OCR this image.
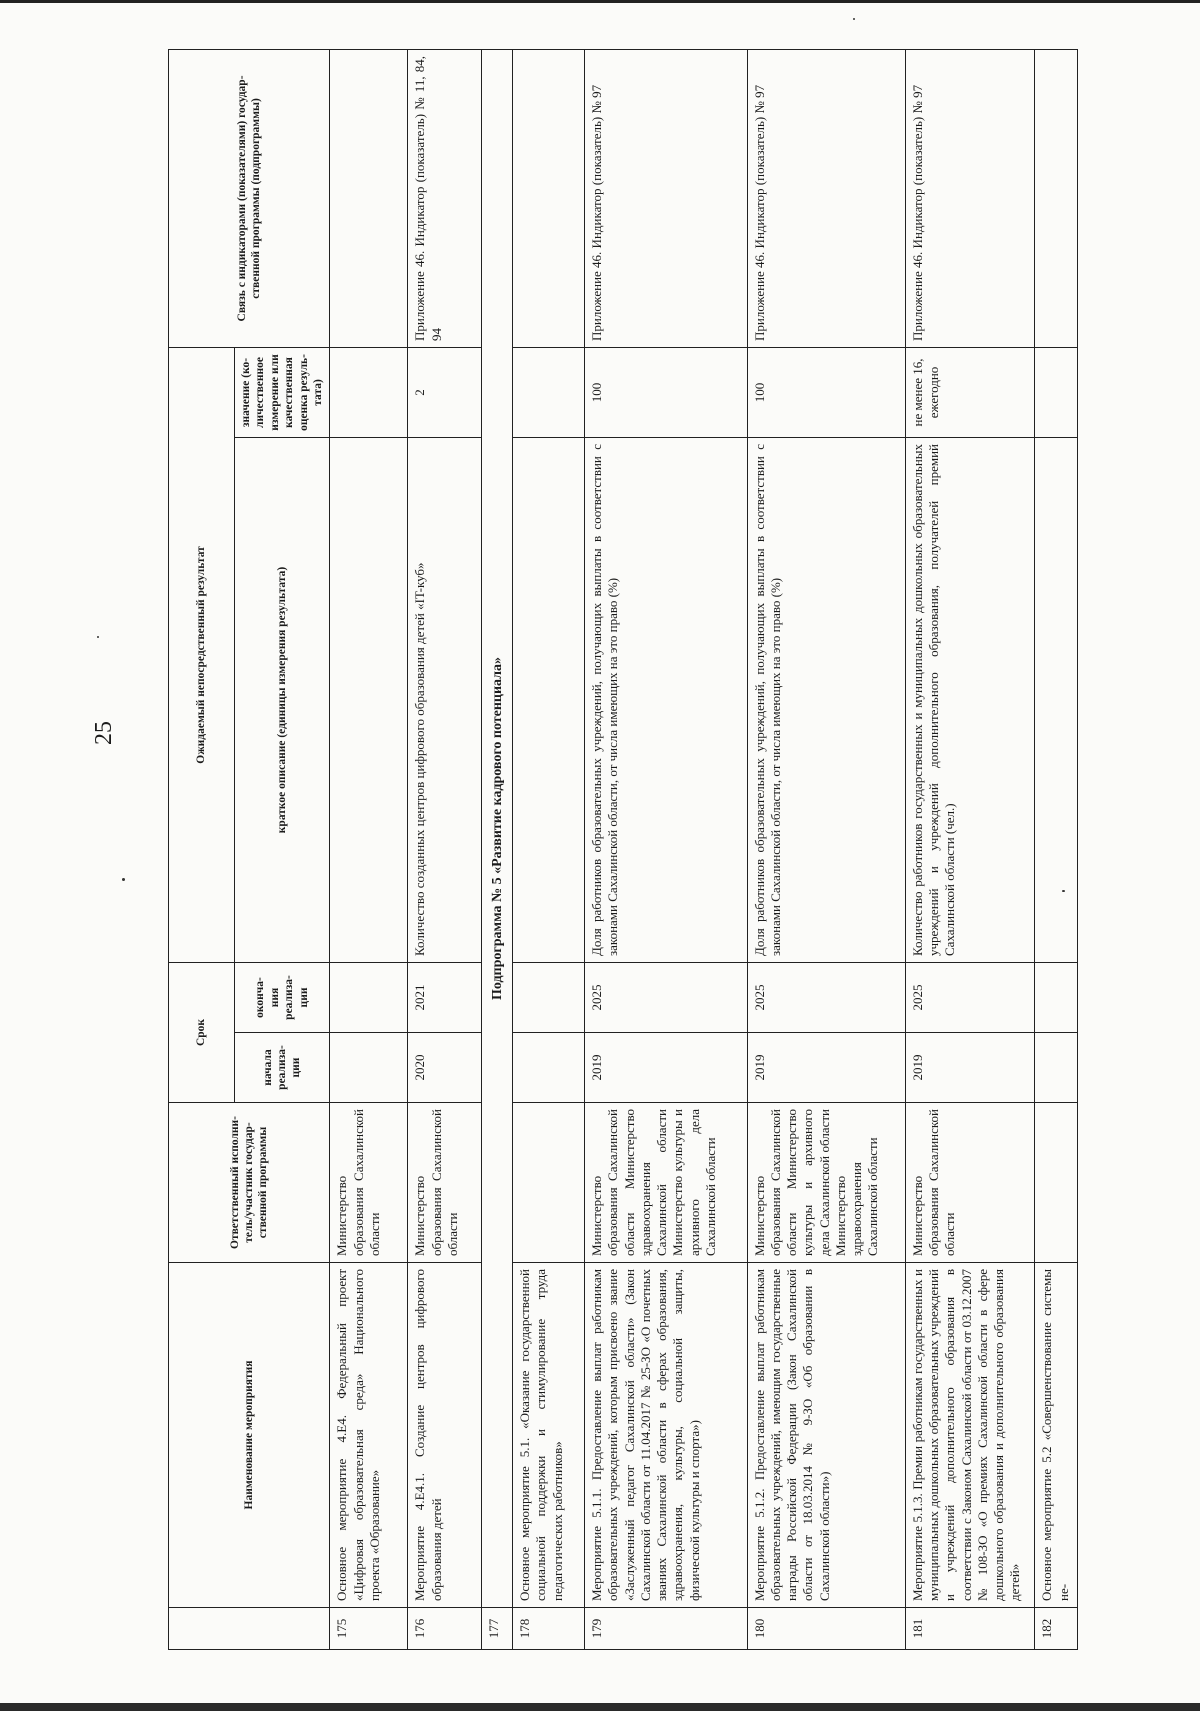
25
	Наименование мероприятия	Ответственный исполни-тель/участник государ-ственной программы	Срок		Ожидаемый непосредственный результат		Связь с индикаторами (показателями) государ-ственной программы (подпрограммы)
			начала реализа-ции	оконча-ния реализа-ции	краткое описание (единицы измерения результата)	значение (ко-личественное измерение или качественная оценка резуль-тата)	
175	Основное мероприятие 4.Е4. Федеральный проект «Цифровая образовательная среда» Национального проекта «Образование»	Министерство образования Сахалинской области					
176	Мероприятие 4.Е4.1. Создание центров цифрового образования детей	Министерство образования Сахалинской области	2020	2021	Количество созданных центров цифрового образования детей «IT-куб»	2	Приложение 46. Индикатор (показатель) № 11, 84, 94
177	Подпрограмма № 5 «Развитие кадрового потенциала»						
178	Основное мероприятие 5.1. «Оказание государственной социальной поддержки и стимулирование труда педагогических работников»						
179	Мероприятие 5.1.1. Предоставление выплат работникам образовательных учреждений, которым присвоено звание «Заслуженный педагог Сахалинской области» (Закон Сахалинской области от 11.04.2017 № 25-ЗО «О почетных званиях Сахалинской области в сферах образования, здравоохранения, культуры, социальной защиты, физической культуры и спорта»)	Министерство образования Сахалинской области Министерство здравоохранения Сахалинской области Министерство культуры и архивного дела Сахалинской области	2019	2025	Доля работников образовательных учреждений, получающих выплаты в соответствии с законами Сахалинской области, от числа имеющих на это право (%)	100	Приложение 46. Индикатор (показатель) № 97
180	Мероприятие 5.1.2. Предоставление выплат работникам образовательных учреждений, имеющим государственные награды Российской Федерации (Закон Сахалинской области от 18.03.2014 № 9-ЗО «Об образовании в Сахалинской области»)	Министерство образования Сахалинской области Министерство культуры и архивного дела Сахалинской области Министерство здравоохранения Сахалинской области	2019	2025	Доля работников образовательных учреждений, получающих выплаты в соответствии с законами Сахалинской области, от числа имеющих на это право (%)	100	Приложение 46. Индикатор (показатель) № 97
181	Мероприятие 5.1.3. Премии работникам государственных и муниципальных дошкольных образовательных учреждений и учреждений дополнительного образования в соответствии с Законом Сахалинской области от 03.12.2007 № 108-ЗО «О премиях Сахалинской области в сфере дошкольного образования и дополнительного образования детей»	Министерство образования Сахалинской области	2019	2025	Количество работников государственных и муниципальных дошкольных образовательных учреждений и учреждений дополнительного образования, получателей премий Сахалинской области (чел.)	не менее 16, ежегодно	Приложение 46. Индикатор (показатель) № 97
182	Основное мероприятие 5.2 «Совершенствование системы не-						
